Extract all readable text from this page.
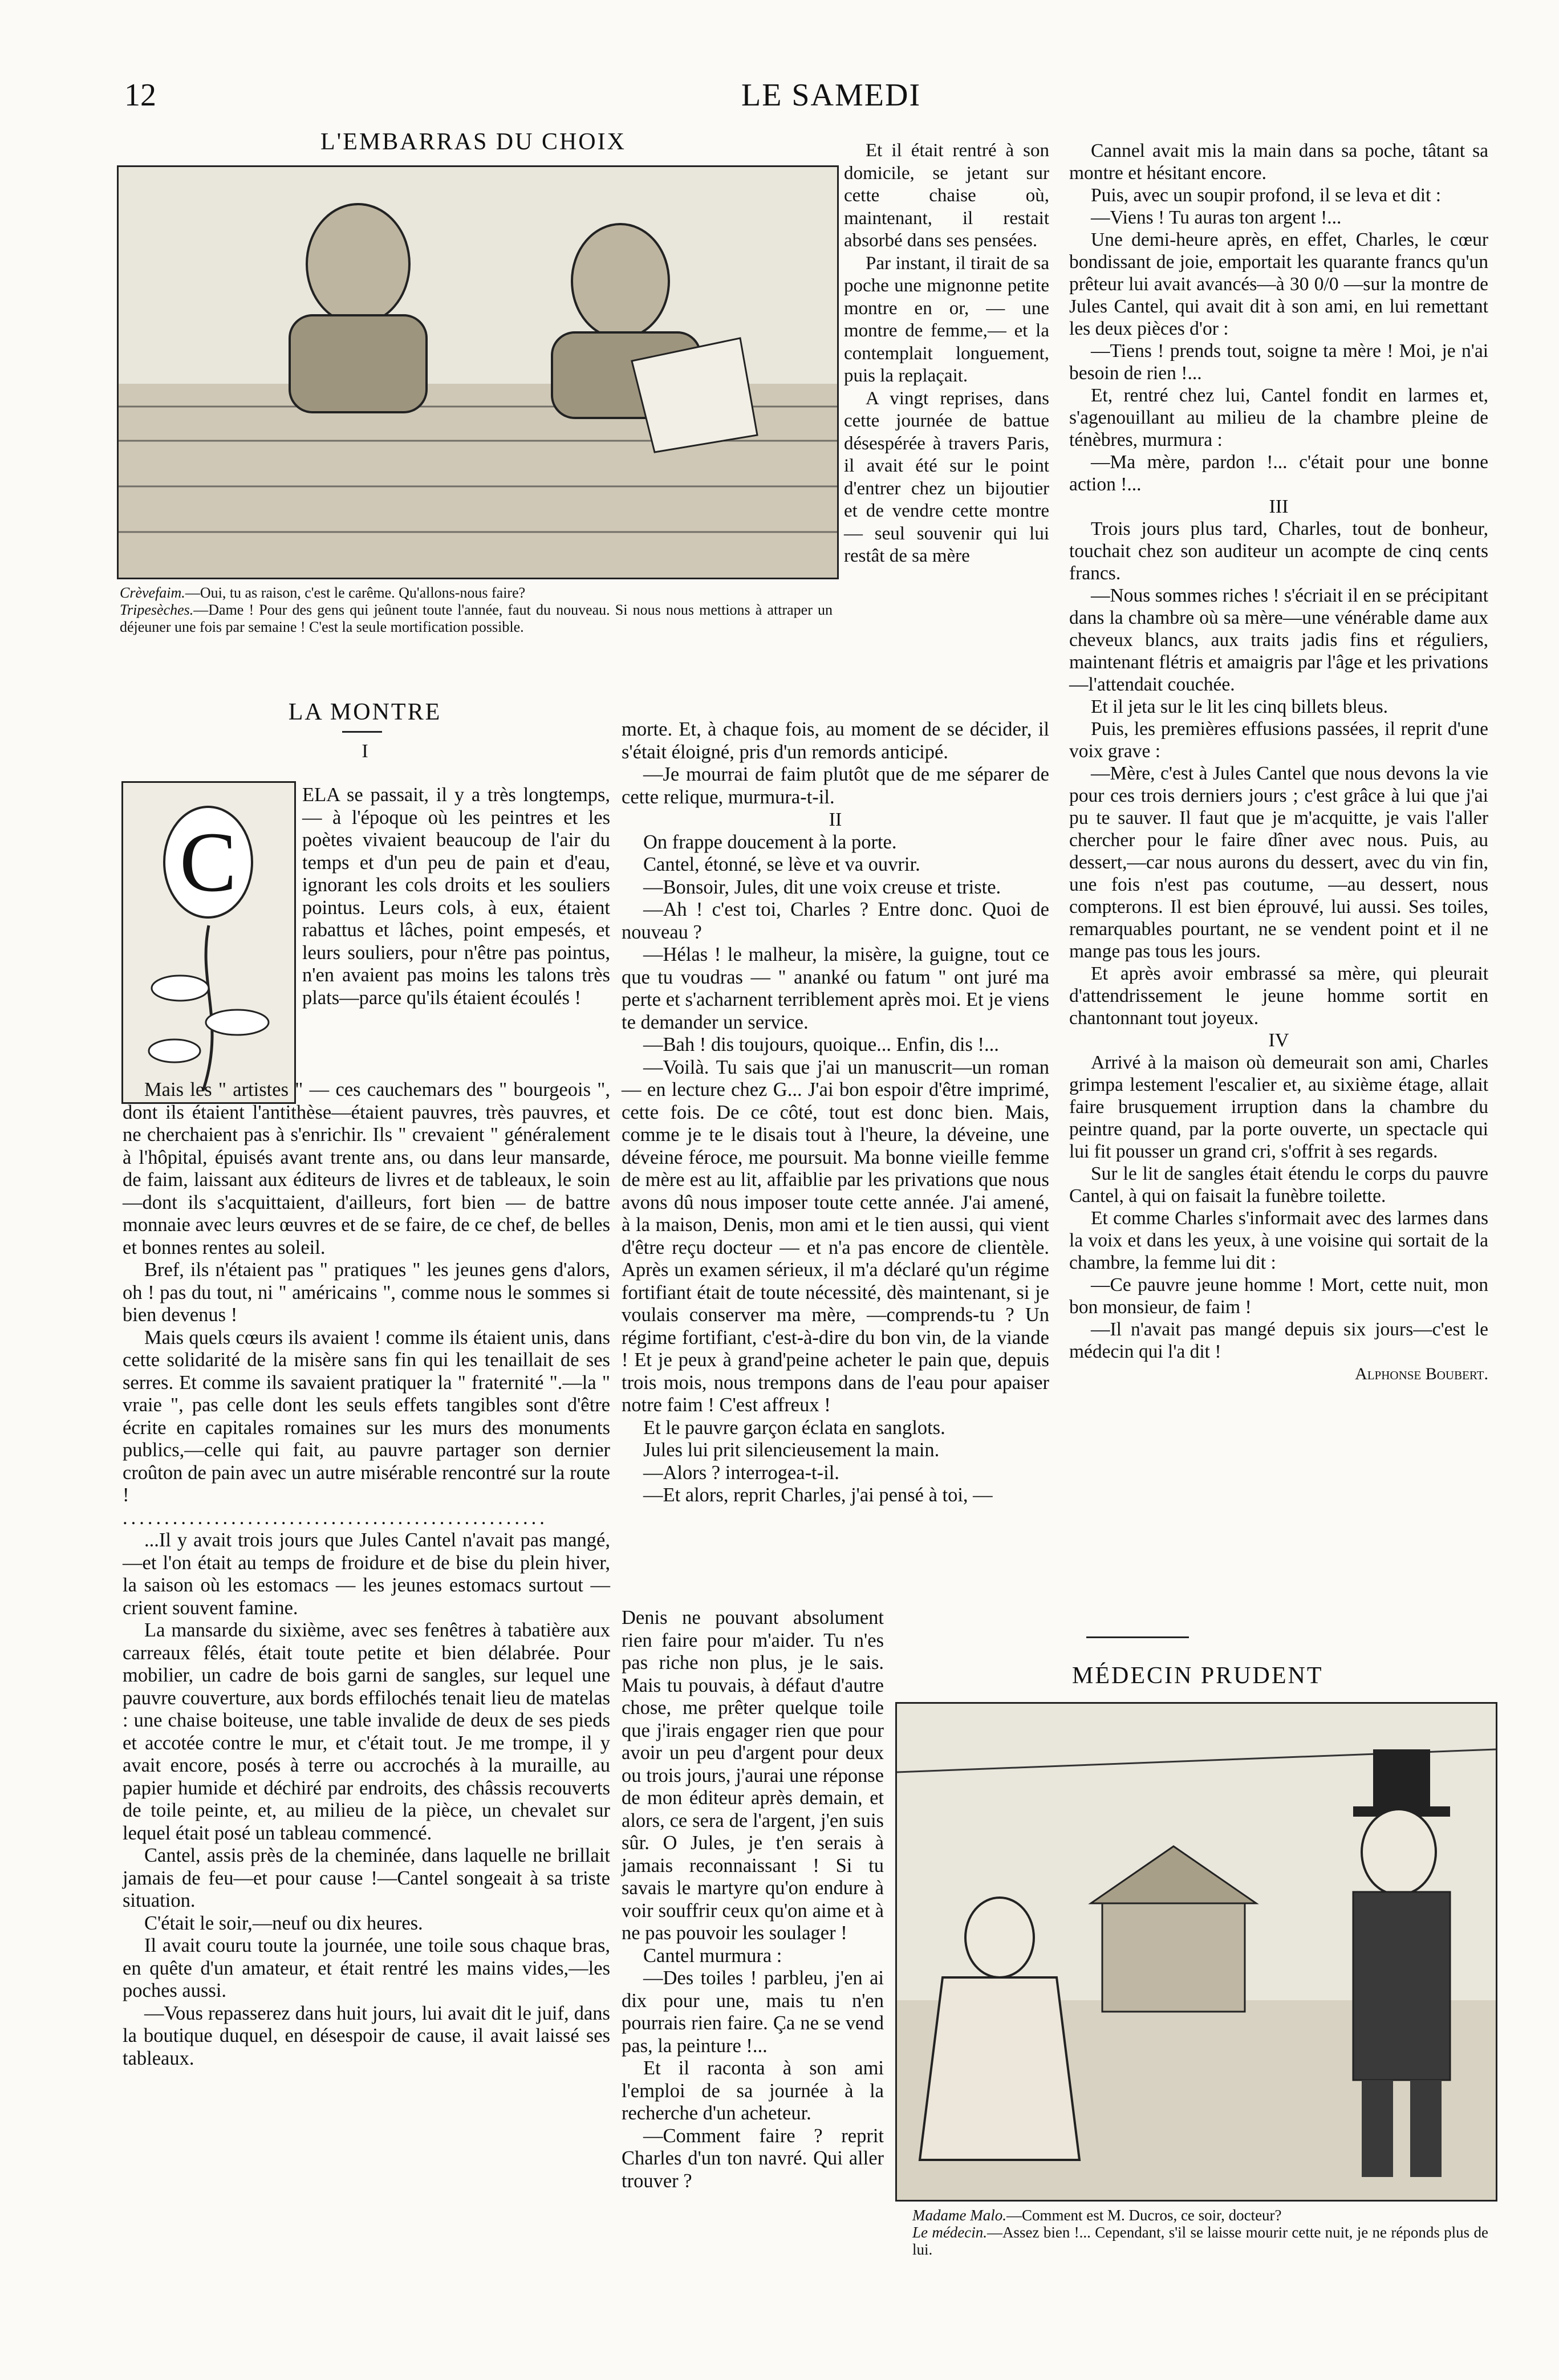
12	LE SAMEDI
L'EMBARRAS DU CHOIX
Crèvefaim.—Oui, tu as raison, c'est le carême. Qu'allons-nous faire?
Tripesèches.—Dame ! Pour des gens qui jeûnent toute l'année, faut du nouveau. Si nous nous mettions à attraper un déjeuner une fois par semaine ! C'est la seule mortification possible.
LA MONTRE
I
C

ELA se passait, il y a très longtemps, — à l'époque où les peintres et les poètes vivaient beaucoup de l'air du temps et d'un peu de pain et d'eau, ignorant les cols droits et les souliers pointus. Leurs cols, à eux, étaient rabattus et lâches, point empesés, et leurs souliers, pour n'être pas pointus, n'en avaient pas moins les talons très plats—parce qu'ils étaient écoulés !

Mais les " artistes " — ces cauchemars des " bourgeois ", dont ils étaient l'antithèse—étaient pauvres, très pauvres, et ne cherchaient pas à s'enrichir. Ils " crevaient " généralement à l'hôpital, épuisés avant trente ans, ou dans leur mansarde, de faim, laissant aux éditeurs de livres et de tableaux, le soin—dont ils s'acquittaient, d'ailleurs, fort bien — de battre monnaie avec leurs œuvres et de se faire, de ce chef, de belles et bonnes rentes au soleil.

Bref, ils n'étaient pas " pratiques " les jeunes gens d'alors, oh ! pas du tout, ni " américains ", comme nous le sommes si bien devenus !

Mais quels cœurs ils avaient ! comme ils étaient unis, dans cette solidarité de la misère sans fin qui les tenaillait de ses serres. Et comme ils savaient pratiquer la " fraternité ".—la " vraie ", pas celle dont les seuls effets tangibles sont d'être écrite en capitales romaines sur les murs des monuments publics,—celle qui fait, au pauvre partager son dernier croûton de pain avec un autre misérable rencontré sur la route !

...................................................

...Il y avait trois jours que Jules Cantel n'avait pas mangé,—et l'on était au temps de froidure et de bise du plein hiver, la saison où les estomacs — les jeunes estomacs surtout — crient souvent famine.

La mansarde du sixième, avec ses fenêtres à tabatière aux carreaux fêlés, était toute petite et bien délabrée. Pour mobilier, un cadre de bois garni de sangles, sur lequel une pauvre couverture, aux bords effilochés tenait lieu de matelas : une chaise boiteuse, une table invalide de deux de ses pieds et accotée contre le mur, et c'était tout. Je me trompe, il y avait encore, posés à terre ou accrochés à la muraille, au papier humide et déchiré par endroits, des châssis recouverts de toile peinte, et, au milieu de la pièce, un chevalet sur lequel était posé un tableau commencé.

Cantel, assis près de la cheminée, dans laquelle ne brillait jamais de feu—et pour cause !—Cantel songeait à sa triste situation.

C'était le soir,—neuf ou dix heures.

Il avait couru toute la journée, une toile sous chaque bras, en quête d'un amateur, et était rentré les mains vides,—les poches aussi.

—Vous repasserez dans huit jours, lui avait dit le juif, dans la boutique duquel, en désespoir de cause, il avait laissé ses tableaux.

Et il était rentré à son domicile, se jetant sur cette chaise où, maintenant, il restait absorbé dans ses pensées.

Par instant, il tirait de sa poche une mignonne petite montre en or, — une montre de femme,— et la contemplait longuement, puis la replaçait.

A vingt reprises, dans cette journée de battue désespérée à travers Paris, il avait été sur le point d'entrer chez un bijoutier et de vendre cette montre — seul souvenir qui lui restât de sa mère

morte. Et, à chaque fois, au moment de se décider, il s'était éloigné, pris d'un remords anticipé.

—Je mourrai de faim plutôt que de me séparer de cette relique, murmura-t-il.

II

On frappe doucement à la porte.

Cantel, étonné, se lève et va ouvrir.

—Bonsoir, Jules, dit une voix creuse et triste.

—Ah ! c'est toi, Charles ? Entre donc. Quoi de nouveau ?

—Hélas ! le malheur, la misère, la guigne, tout ce que tu voudras — " ananké ou fatum " ont juré ma perte et s'acharnent terriblement après moi. Et je viens te demander un service.

—Bah ! dis toujours, quoique... Enfin, dis !...

—Voilà. Tu sais que j'ai un manuscrit—un roman — en lecture chez G... J'ai bon espoir d'être imprimé, cette fois. De ce côté, tout est donc bien. Mais, comme je te le disais tout à l'heure, la déveine, une déveine féroce, me poursuit. Ma bonne vieille femme de mère est au lit, affaiblie par les privations que nous avons dû nous imposer toute cette année. J'ai amené, à la maison, Denis, mon ami et le tien aussi, qui vient d'être reçu docteur — et n'a pas encore de clientèle. Après un examen sérieux, il m'a déclaré qu'un régime fortifiant était de toute nécessité, dès maintenant, si je voulais conserver ma mère, —comprends-tu ? Un régime fortifiant, c'est-à-dire du bon vin, de la viande ! Et je peux à grand'peine acheter le pain que, depuis trois mois, nous trempons dans de l'eau pour apaiser notre faim ! C'est affreux !

Et le pauvre garçon éclata en sanglots.

Jules lui prit silencieusement la main.

—Alors ? interrogea-t-il.

—Et alors, reprit Charles, j'ai pensé à toi, —

Denis ne pouvant absolument rien faire pour m'aider. Tu n'es pas riche non plus, je le sais. Mais tu pouvais, à défaut d'autre chose, me prêter quelque toile que j'irais engager rien que pour avoir un peu d'argent pour deux ou trois jours, j'aurai une réponse de mon éditeur après demain, et alors, ce sera de l'argent, j'en suis sûr. O Jules, je t'en serais à jamais reconnaissant ! Si tu savais le martyre qu'on endure à voir souffrir ceux qu'on aime et à ne pas pouvoir les soulager !

Cantel murmura :

—Des toiles ! parbleu, j'en ai dix pour une, mais tu n'en pourrais rien faire. Ça ne se vend pas, la peinture !...

Et il raconta à son ami l'emploi de sa journée à la recherche d'un acheteur.

—Comment faire ? reprit Charles d'un ton navré. Qui aller trouver ?

Cannel avait mis la main dans sa poche, tâtant sa montre et hésitant encore.

Puis, avec un soupir profond, il se leva et dit :

—Viens ! Tu auras ton argent !...

Une demi-heure après, en effet, Charles, le cœur bondissant de joie, emportait les quarante francs qu'un prêteur lui avait avancés—à 30 0/0 —sur la montre de Jules Cantel, qui avait dit à son ami, en lui remettant les deux pièces d'or :

—Tiens ! prends tout, soigne ta mère ! Moi, je n'ai besoin de rien !...

Et, rentré chez lui, Cantel fondit en larmes et, s'agenouillant au milieu de la chambre pleine de ténèbres, murmura :

—Ma mère, pardon !... c'était pour une bonne action !...

III

Trois jours plus tard, Charles, tout de bonheur, touchait chez son auditeur un acompte de cinq cents francs.

—Nous sommes riches ! s'écriait il en se précipitant dans la chambre où sa mère—une vénérable dame aux cheveux blancs, aux traits jadis fins et réguliers, maintenant flétris et amaigris par l'âge et les privations—l'attendait couchée.

Et il jeta sur le lit les cinq billets bleus.

Puis, les premières effusions passées, il reprit d'une voix grave :

—Mère, c'est à Jules Cantel que nous devons la vie pour ces trois derniers jours ; c'est grâce à lui que j'ai pu te sauver. Il faut que je m'acquitte, je vais l'aller chercher pour le faire dîner avec nous. Puis, au dessert,—car nous aurons du dessert, avec du vin fin, une fois n'est pas coutume, —au dessert, nous compterons. Il est bien éprouvé, lui aussi. Ses toiles, remarquables pourtant, ne se vendent point et il ne mange pas tous les jours.

Et après avoir embrassé sa mère, qui pleurait d'attendrissement le jeune homme sortit en chantonnant tout joyeux.

IV

Arrivé à la maison où demeurait son ami, Charles grimpa lestement l'escalier et, au sixième étage, allait faire brusquement irruption dans la chambre du peintre quand, par la porte ouverte, un spectacle qui lui fit pousser un grand cri, s'offrit à ses regards.

Sur le lit de sangles était étendu le corps du pauvre Cantel, à qui on faisait la funèbre toilette.

Et comme Charles s'informait avec des larmes dans la voix et dans les yeux, à une voisine qui sortait de la chambre, la femme lui dit :

—Ce pauvre jeune homme ! Mort, cette nuit, mon bon monsieur, de faim !

—Il n'avait pas mangé depuis six jours—c'est le médecin qui l'a dit !

Alphonse Boubert.

MÉDECIN PRUDENT
Madame Malo.—Comment est M. Ducros, ce soir, docteur?
Le médecin.—Assez bien !... Cependant, s'il se laisse mourir cette nuit, je ne réponds plus de lui.
